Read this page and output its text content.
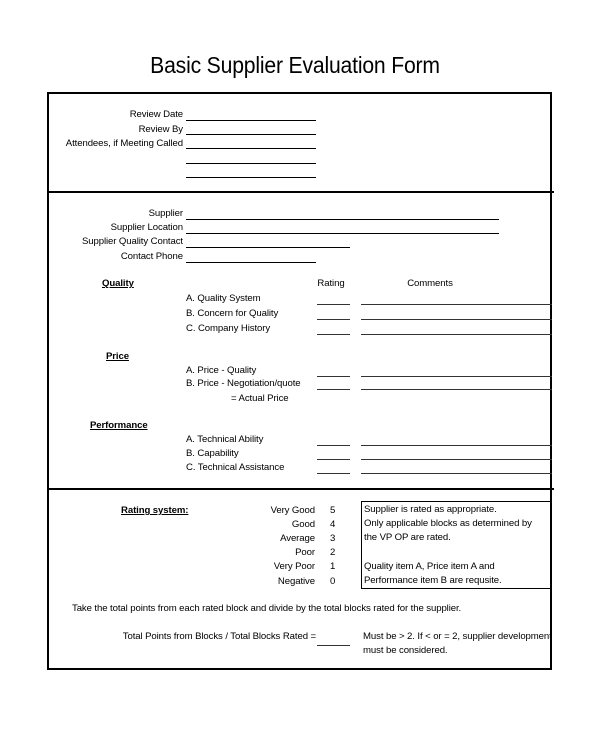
Basic Supplier Evaluation Form
Review Date
Review By
Attendees, if Meeting Called
Supplier
Supplier Location
Supplier Quality Contact
Contact Phone
Rating	Comments
Quality
A. Quality System
B. Concern for Quality
C. Company History
Price
A. Price - Quality
B. Price - Negotiation/quote
= Actual Price
Performance
A. Technical Ability
B. Capability
C. Technical Assistance
Rating system:	Very Good 5
Good 4
Average 3
Poor 2
Very Poor 1
Negative 0
Supplier is rated as appropriate.
Only applicable blocks as determined by
the VP OP are rated.
Quality item A, Price item A and
Performance item B are requsite.
Take the total points from each rated block and divide by the total blocks rated for the supplier.
Total Points from Blocks / Total Blocks Rated =	Must be > 2. If < or = 2, supplier development
must be considered.
